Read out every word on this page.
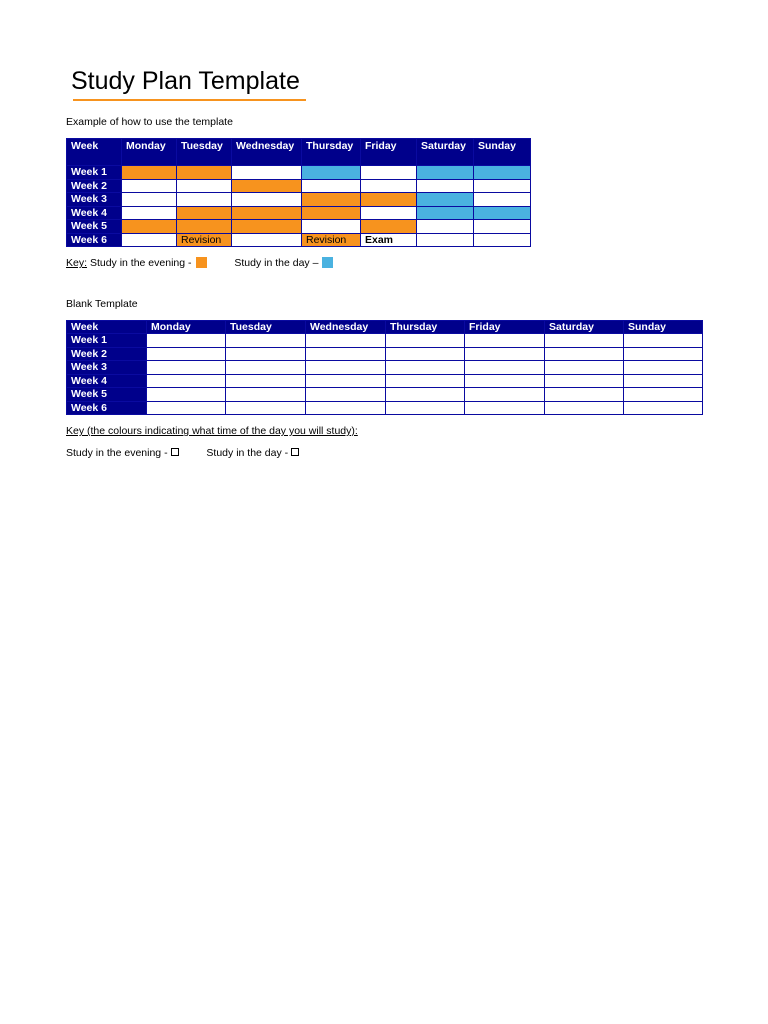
Study Plan Template
Example of how to use the template
Week	Monday	Tuesday	Wednesday	Thursday	Friday	Saturday	Sunday
Week 1							
Week 2							
Week 3							
Week 4							
Week 5							
Week 6		Revision		Revision	Exam		
Key: Study in the evening -	Study in the day –
Blank Template
Week	Monday	Tuesday	Wednesday	Thursday	Friday	Saturday	Sunday
Week 1							
Week 2							
Week 3							
Week 4							
Week 5							
Week 6							
Key (the colours indicating what time of the day you will study):
Study in the evening -	Study in the day -
